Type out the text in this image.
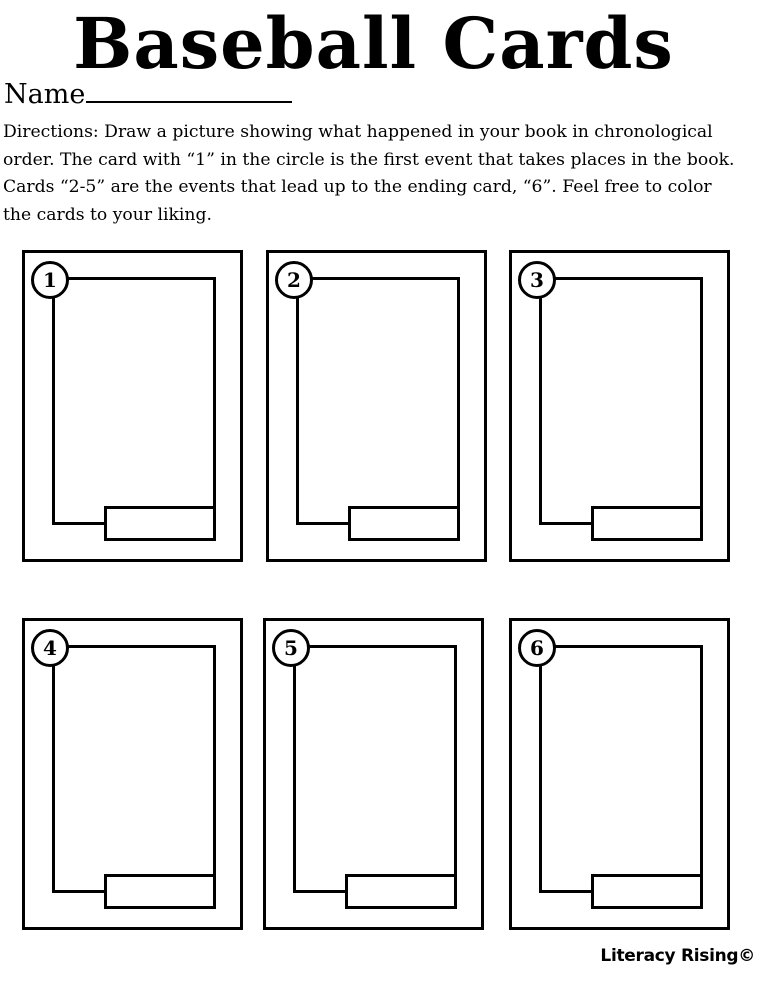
Baseball Cards
Name
Directions: Draw a picture showing what happened in your book in chronological order. The card with “1” in the circle is the first event that takes places in the book. Cards “2-5” are the events that lead up to the ending card, “6”. Feel free to color the cards to your liking.
1	2	3
4	5	6
Literacy Rising©
